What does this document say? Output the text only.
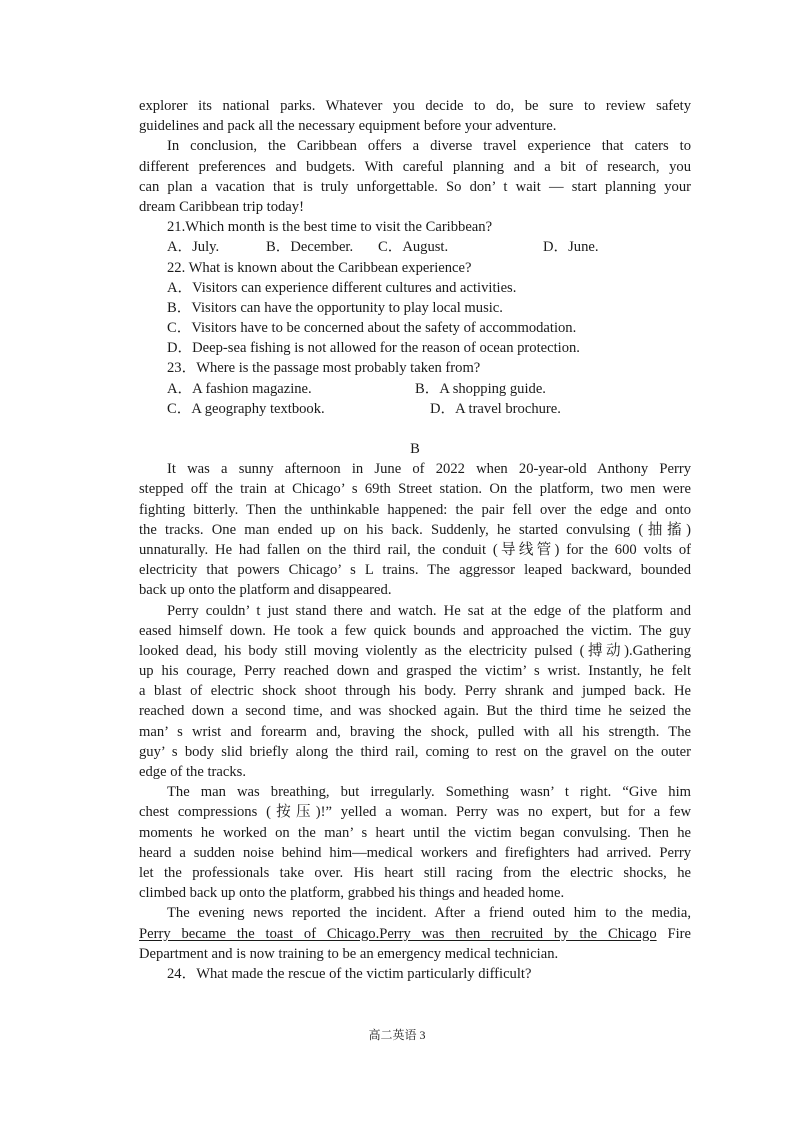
explorer its national parks. Whatever you decide to do, be sure to review safety
guidelines and pack all the necessary equipment before your adventure.
In conclusion, the Caribbean offers a diverse travel experience that caters to
different preferences and budgets. With careful planning and a bit of research, you
can plan a vacation that is truly unforgettable. So don’ t wait — start planning your
dream Caribbean trip today!
21.Which month is the best time to visit the Caribbean?
A．July.	B．December. C．August.	D．June.
22. What is known about the Caribbean experience?
A．Visitors can experience different cultures and activities.
B．Visitors can have the opportunity to play local music.
C．Visitors have to be concerned about the safety of accommodation.
D．Deep-sea fishing is not allowed for the reason of ocean protection.
23．Where is the passage most probably taken from?
A．A fashion magazine.	B．A shopping guide.
C．A geography textbook.	D．A travel brochure.
B
It was a sunny afternoon in June of 2022 when 20-year-old Anthony Perry
stepped off the train at Chicago’ s 69th Street station. On the platform, two men were
fighting bitterly. Then the unthinkable happened: the pair fell over the edge and onto
the tracks. One man ended up on his back. Suddenly, he started convulsing (抽搐)
unnaturally. He had fallen on the third rail, the conduit (导线管) for the 600 volts of
electricity that powers Chicago’ s L trains. The aggressor leaped backward, bounded
back up onto the platform and disappeared.
Perry couldn’ t just stand there and watch. He sat at the edge of the platform and
eased himself down. He took a few quick bounds and approached the victim. The guy
looked dead, his body still moving violently as the electricity pulsed (搏动).Gathering
up his courage, Perry reached down and grasped the victim’ s wrist. Instantly, he felt
a blast of electric shock shoot through his body. Perry shrank and jumped back. He
reached down a second time, and was shocked again. But the third time he seized the
man’ s wrist and forearm and, braving the shock, pulled with all his strength. The
guy’ s body slid briefly along the third rail, coming to rest on the gravel on the outer
edge of the tracks.
The man was breathing, but irregularly. Something wasn’ t right. “Give him
chest compressions (按压)!” yelled a woman. Perry was no expert, but for a few
moments he worked on the man’ s heart until the victim began convulsing. Then he
heard a sudden noise behind him—medical workers and firefighters had arrived. Perry
let the professionals take over. His heart still racing from the electric shocks, he
climbed back up onto the platform, grabbed his things and headed home.
The evening news reported the incident. After a friend outed him to the media,
Perry became the toast of Chicago.Perry was then recruited by the Chicago Fire
Department and is now training to be an emergency medical technician.
24．What made the rescue of the victim particularly difficult?
高二英语 3
